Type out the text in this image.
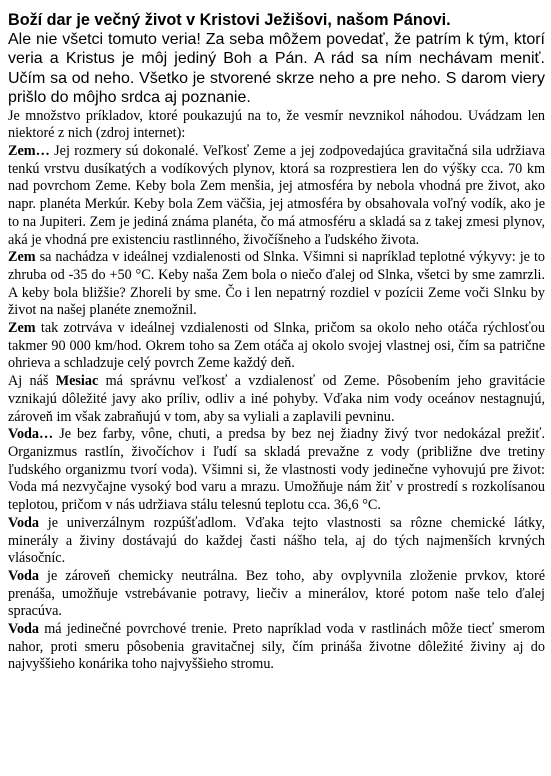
Boží dar je večný život v Kristovi Ježišovi, našom Pánovi.

Ale nie všetci tomuto veria! Za seba môžem povedať, že patrím k tým, ktorí veria a Kristus je môj jediný Boh a Pán. A rád sa ním nechávam meniť. Učím sa od neho. Všetko je stvorené skrze neho a pre neho. S darom viery prišlo do môjho srdca aj poznanie.

Je množstvo príkladov, ktoré poukazujú na to, že vesmír nevznikol náhodou. Uvádzam len niektoré z nich (zdroj internet):

Zem… Jej rozmery sú dokonalé. Veľkosť Zeme a jej zodpovedajúca gravitačná sila udržiava tenkú vrstvu dusíkatých a vodíkových plynov, ktorá sa rozprestiera len do výšky cca. 70 km nad povrchom Zeme. Keby bola Zem menšia, jej atmosféra by nebola vhodná pre život, ako napr. planéta Merkúr. Keby bola Zem väčšia, jej atmosféra by obsahovala voľný vodík, ako je to na Jupiteri. Zem je jediná známa planéta, čo má atmosféru a skladá sa z takej zmesi plynov, aká je vhodná pre existenciu rastlinného, živočíšneho a ľudského života.

Zem sa nachádza v ideálnej vzdialenosti od Slnka. Všimni si napríklad teplotné výkyvy: je to zhruba od -35 do +50 °C. Keby naša Zem bola o niečo ďalej od Slnka, všetci by sme zamrzli. A keby bola bližšie? Zhoreli by sme. Čo i len nepatrný rozdiel v pozícii Zeme voči Slnku by život na našej planéte znemožnil.

Zem tak zotrváva v ideálnej vzdialenosti od Slnka, pričom sa okolo neho otáča rýchlosťou takmer 90 000 km/hod. Okrem toho sa Zem otáča aj okolo svojej vlastnej osi, čím sa patrične ohrieva a schladzuje celý povrch Zeme každý deň.

Aj náš Mesiac má správnu veľkosť a vzdialenosť od Zeme. Pôsobením jeho gravitácie vznikajú dôležité javy ako príliv, odliv a iné pohyby. Vďaka nim vody oceánov nestagnujú, zároveň im však zabraňujú v tom, aby sa vyliali a zaplavili pevninu.

Voda… Je bez farby, vône, chuti, a predsa by bez nej žiadny živý tvor nedokázal prežiť. Organizmus rastlín, živočíchov i ľudí sa skladá prevažne z vody (približne dve tretiny ľudského organizmu tvorí voda). Všimni si, že vlastnosti vody jedinečne vyhovujú pre život: Voda má nezvyčajne vysoký bod varu a mrazu. Umožňuje nám žiť v prostredí s rozkolísanou teplotou, pričom v nás udržiava stálu telesnú teplotu cca. 36,6 °C.

Voda je univerzálnym rozpúšťadlom. Vďaka tejto vlastnosti sa rôzne chemické látky, minerály a živiny dostávajú do každej časti nášho tela, aj do tých najmenších krvných vlásočníc.

Voda je zároveň chemicky neutrálna. Bez toho, aby ovplyvnila zloženie prvkov, ktoré prenáša, umožňuje vstrebávanie potravy, liečiv a minerálov, ktoré potom naše telo ďalej spracúva.

Voda má jedinečné povrchové trenie. Preto napríklad voda v rastlinách môže tiecť smerom nahor, proti smeru pôsobenia gravitačnej sily, čím prináša životne dôležité živiny aj do najvyššieho konárika toho najvyššieho stromu.
